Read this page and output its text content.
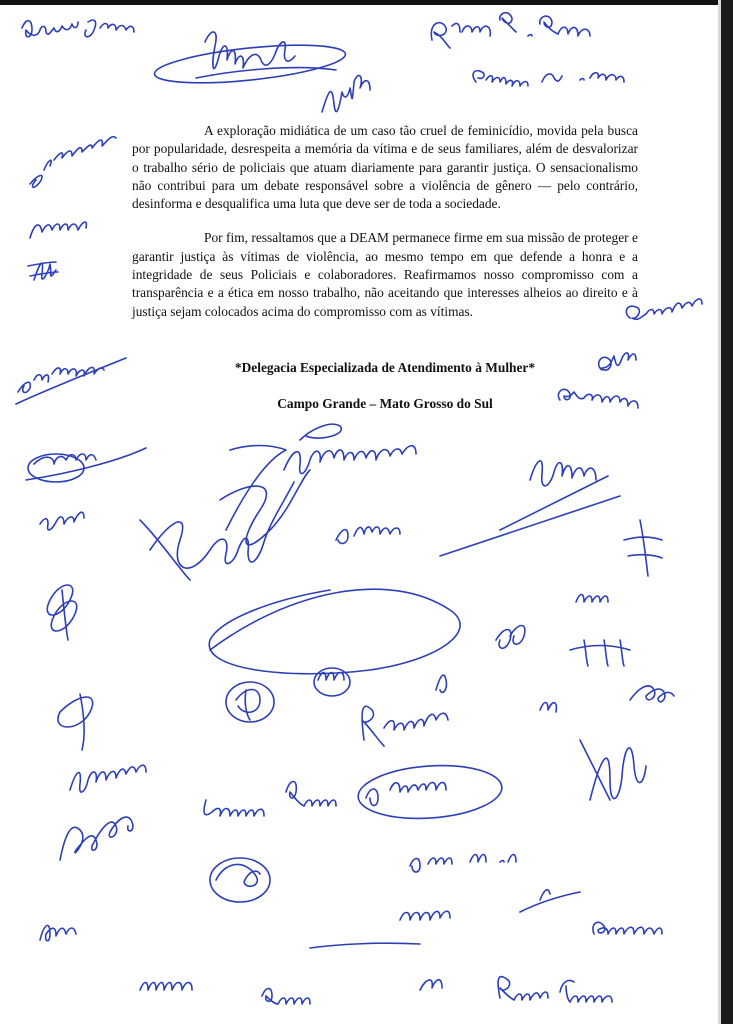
A exploração midiática de um caso tão cruel de feminicídio, movida pela busca por popularidade, desrespeita a memória da vítima e de seus familiares, além de desvalorizar o trabalho sério de policiais que atuam diariamente para garantir justiça. O sensacionalismo não contribui para um debate responsável sobre a violência de gênero — pelo contrário, desinforma e desqualifica uma luta que deve ser de toda a sociedade.

Por fim, ressaltamos que a DEAM permanece firme em sua missão de proteger e garantir justiça às vítimas de violência, ao mesmo tempo em que defende a honra e a integridade de seus Policiais e colaboradores. Reafirmamos nosso compromisso com a transparência e a ética em nosso trabalho, não aceitando que interesses alheios ao direito e à justiça sejam colocados acima do compromisso com as vítimas.

*Delegacia Especializada de Atendimento à Mulher*
Campo Grande – Mato Grosso do Sul
